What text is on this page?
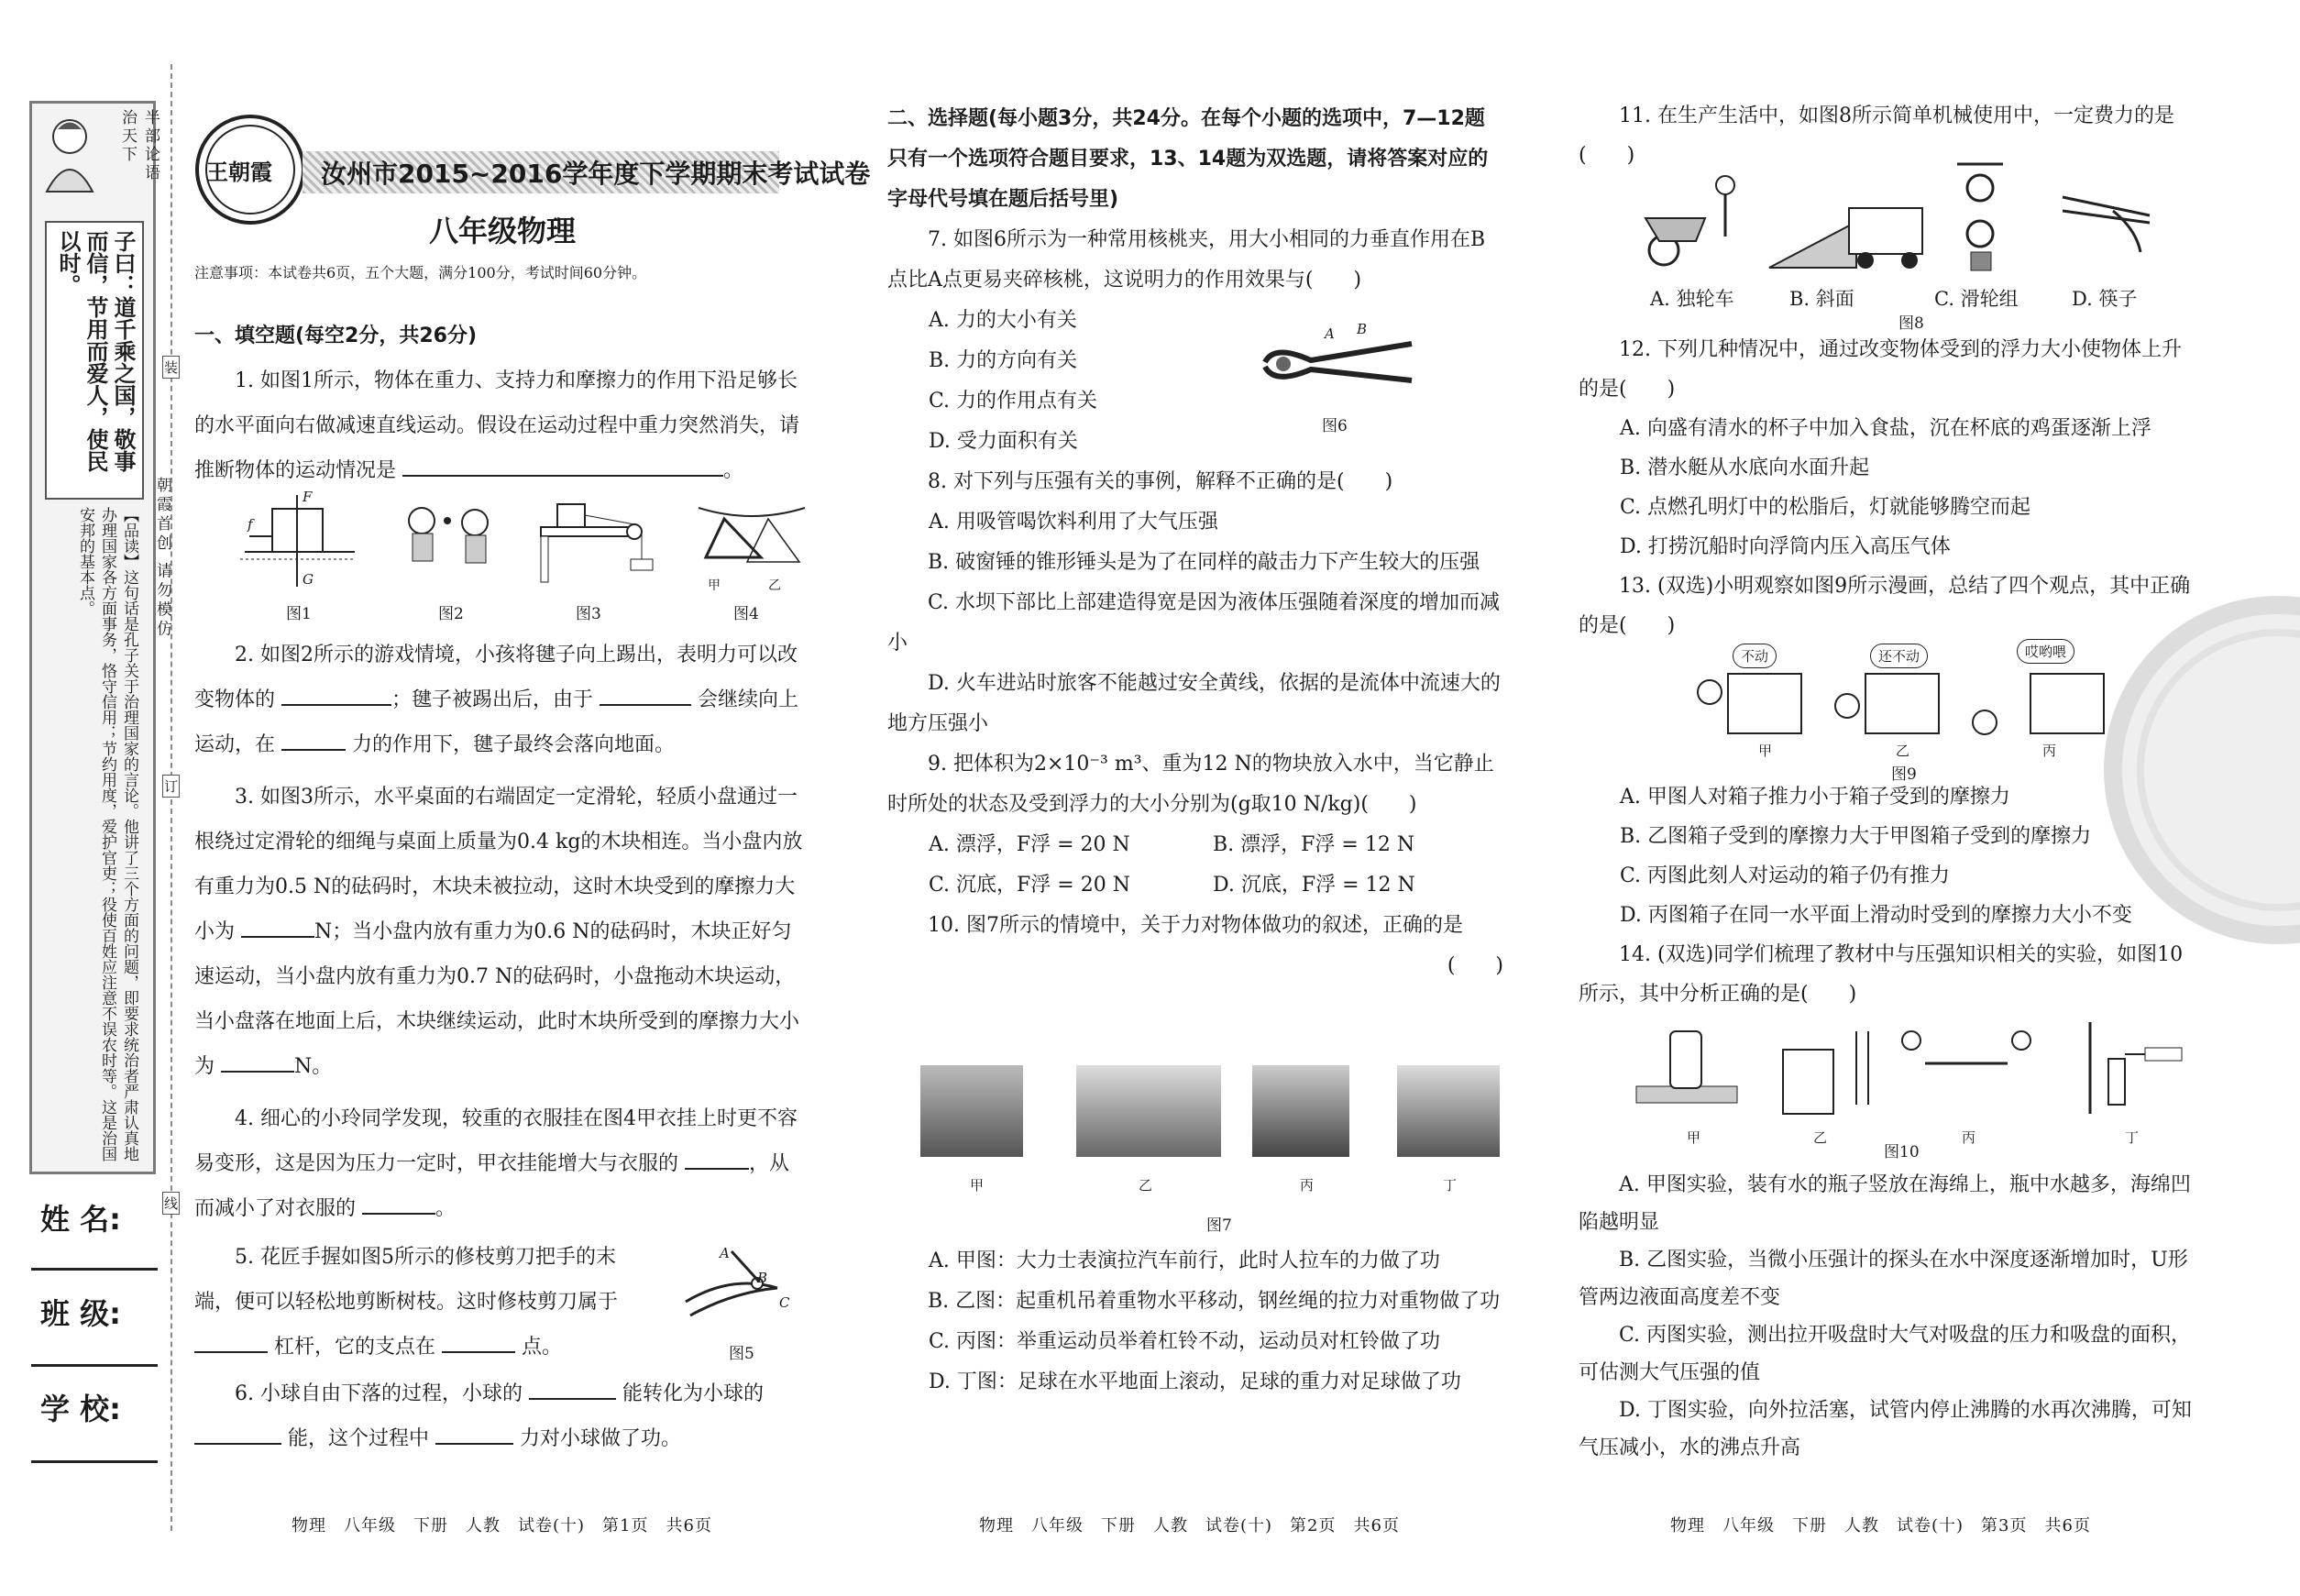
半部论语治天下
子曰：道千乘之国，敬事而信，节用而爱人，使民以时。
【品读】这句话是孔子关于治理国家的言论。他讲了三个方面的问题，即要求统治者严肃认真地办理国家各方面事务，恪守信用；节约用度，爱护官吏；役使百姓应注意不误农时等。这是治国安邦的基本点。	朝霞首创 请勿模仿
装
订
线
姓 名:
班 级:
学 校:
王朝霞 汝州市2015~2016学年度下学期期末考试试卷
八年级物理
注意事项：本试卷共6页，五个大题，满分100分，考试时间60分钟。

一、填空题(每空2分，共26分)

1. 如图1所示，物体在重力、支持力和摩擦力的作用下沿足够长的水平面向右做减速直线运动。假设在运动过程中重力突然消失，请推断物体的运动情况是	。

f
F
G
图1	图2	图3
甲	乙
图4

2. 如图2所示的游戏情境，小孩将毽子向上踢出，表明力可以改变物体的	；毽子被踢出后，由于	会继续向上运动，在	力的作用下，毽子最终会落向地面。

3. 如图3所示，水平桌面的右端固定一定滑轮，轻质小盘通过一根绕过定滑轮的细绳与桌面上质量为0.4 kg的木块相连。当小盘内放有重力为0.5 N的砝码时，木块未被拉动，这时木块受到的摩擦力大小为	N；当小盘内放有重力为0.6 N的砝码时，木块正好匀速运动，当小盘内放有重力为0.7 N的砝码时，小盘拖动木块运动，当小盘落在地面上后，木块继续运动，此时木块所受到的摩擦力大小为	N。

4. 细心的小玲同学发现，较重的衣服挂在图4甲衣挂上时更不容易变形，这是因为压力一定时，甲衣挂能增大与衣服的	，从而减小了对衣服的	。

5. 花匠手握如图5所示的修枝剪刀把手的末端，便可以轻松地剪断树枝。这时修枝剪刀属于  杠杆，它的支点在	点。

A
B
C
图5

6. 小球自由下落的过程，小球的	能转化为小球的  能，这个过程中	力对小球做了功。

物理　八年级　下册　人教　试卷(十)　第1页　共6页

二、选择题(每小题3分，共24分。在每个小题的选项中，7—12题只有一个选项符合题目要求，13、14题为双选题，请将答案对应的字母代号填在题后括号里)

7. 如图6所示为一种常用核桃夹，用大小相同的力垂直作用在B点比A点更易夹碎核桃，这说明力的作用效果与(　　)

A. 力的大小有关

B. 力的方向有关

C. 力的作用点有关

D. 受力面积有关

8. 对下列与压强有关的事例，解释不正确的是(　　)

A. 用吸管喝饮料利用了大气压强

B. 破窗锤的锥形锤头是为了在同样的敲击力下产生较大的压强

C. 水坝下部比上部建造得宽是因为液体压强随着深度的增加而减小

D. 火车进站时旅客不能越过安全黄线，依据的是流体中流速大的地方压强小

9. 把体积为2×10⁻³ m³、重为12 N的物块放入水中，当它静止时所处的状态及受到浮力的大小分别为(g取10 N/kg)(　　)

A. 漂浮，F浮 = 20 N	B. 漂浮，F浮 = 12 N
C. 沉底，F浮 = 20 N	D. 沉底，F浮 = 12 N

10. 图7所示的情境中，关于力对物体做功的叙述，正确的是

(　　)

A B
图6
甲	乙	丙	丁
图7

A. 甲图：大力士表演拉汽车前行，此时人拉车的力做了功

B. 乙图：起重机吊着重物水平移动，钢丝绳的拉力对重物做了功

C. 丙图：举重运动员举着杠铃不动，运动员对杠铃做了功

D. 丁图：足球在水平地面上滚动，足球的重力对足球做了功

物理　八年级　下册　人教　试卷(十)　第2页　共6页

11. 在生产生活中，如图8所示简单机械使用中，一定费力的是(　　)

A. 独轮车	B. 斜面	C. 滑轮组	D. 筷子
图8

12. 下列几种情况中，通过改变物体受到的浮力大小使物体上升的是(　　)

A. 向盛有清水的杯子中加入食盐，沉在杯底的鸡蛋逐渐上浮

B. 潜水艇从水底向水面升起

C. 点燃孔明灯中的松脂后，灯就能够腾空而起

D. 打捞沉船时向浮筒内压入高压气体

13. (双选)小明观察如图9所示漫画，总结了四个观点，其中正确的是(　　)

不动	还不动	哎哟喂
甲	乙	丙
图9

A. 甲图人对箱子推力小于箱子受到的摩擦力

B. 乙图箱子受到的摩擦力大于甲图箱子受到的摩擦力

C. 丙图此刻人对运动的箱子仍有推力

D. 丙图箱子在同一水平面上滑动时受到的摩擦力大小不变

14. (双选)同学们梳理了教材中与压强知识相关的实验，如图10所示，其中分析正确的是(　　)

甲	乙	丙	丁
图10

A. 甲图实验，装有水的瓶子竖放在海绵上，瓶中水越多，海绵凹陷越明显

B. 乙图实验，当微小压强计的探头在水中深度逐渐增加时，U形管两边液面高度差不变

C. 丙图实验，测出拉开吸盘时大气对吸盘的压力和吸盘的面积，可估测大气压强的值

D. 丁图实验，向外拉活塞，试管内停止沸腾的水再次沸腾，可知气压减小，水的沸点升高

物理　八年级　下册　人教　试卷(十)　第3页　共6页
